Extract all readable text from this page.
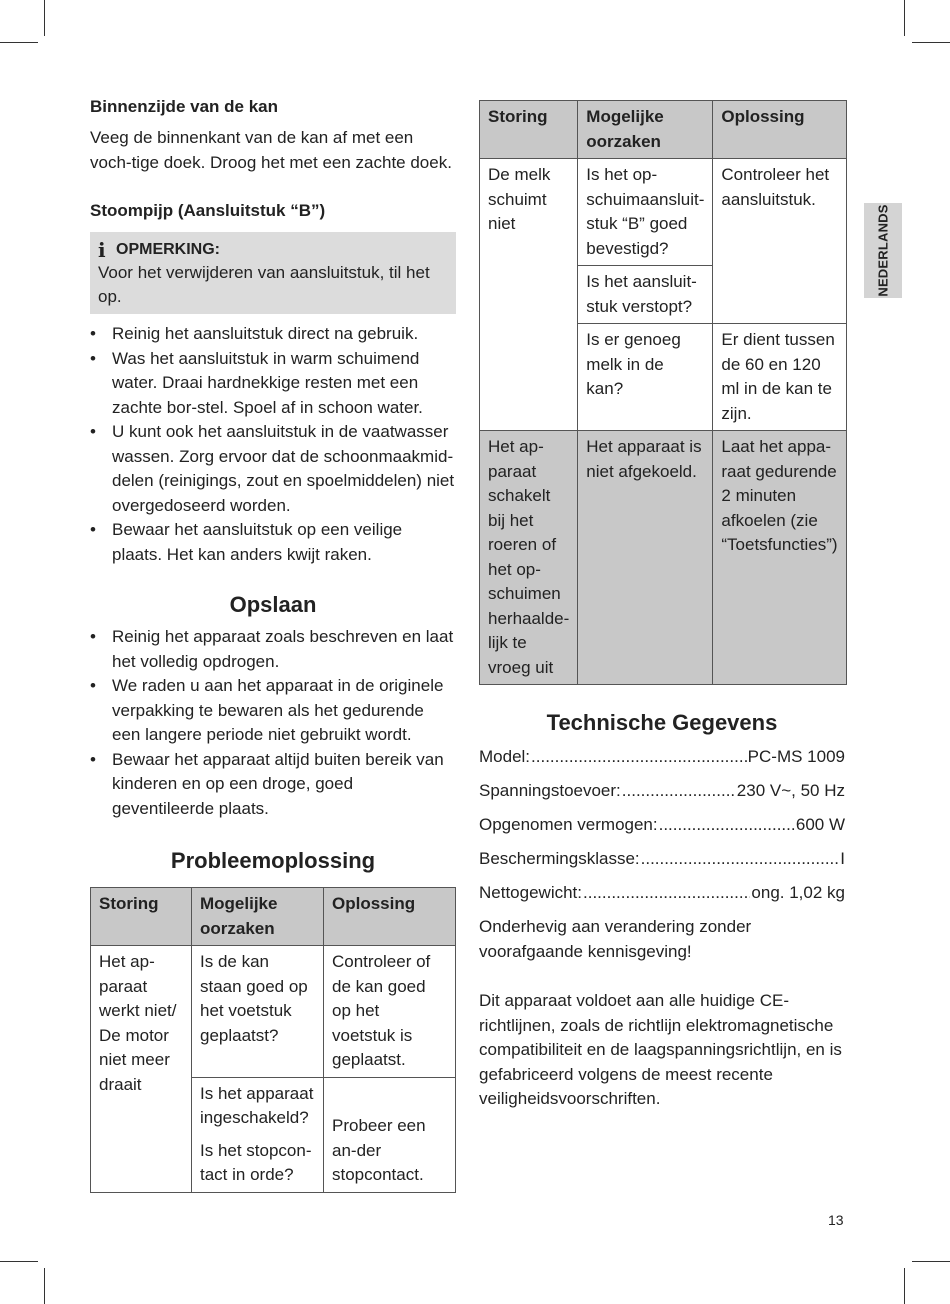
Binnenzijde van de kan

Veeg de binnenkant van de kan af met een voch-tige doek. Droog het met een zachte doek.

Stoompijp (Aansluitstuk “B”)
i OPMERKING:
Voor het verwijderen van aansluitstuk, til het op.
• Reinig het aansluitstuk direct na gebruik.
• Was het aansluitstuk in warm schuimend water. Draai hardnekkige resten met een zachte bor-stel. Spoel af in schoon water.
• U kunt ook het aansluitstuk in de vaatwasser wassen. Zorg ervoor dat de schoonmaakmid-delen (reinigings, zout en spoelmiddelen) niet overgedoseerd worden.
• Bewaar het aansluitstuk op een veilige plaats. Het kan anders kwijt raken.
Opslaan
• Reinig het apparaat zoals beschreven en laat het volledig opdrogen.
• We raden u aan het apparaat in de originele verpakking te bewaren als het gedurende een langere periode niet gebruikt wordt.
• Bewaar het apparaat altijd buiten bereik van kinderen en op een droge, goed geventileerde plaats.
Probleemoplossing
Storing	Mogelijke oorzaken	Oplossing
Het ap-paraat werkt niet/ De motor niet meer draait	Is de kan staan goed op het voetstuk geplaatst?	Controleer of de kan goed op het voetstuk is geplaatst.
	Is het apparaat ingeschakeld?	Probeer een an-der stopcontact.
	Is het stopcon-tact in orde?	
Storing	Mogelijke oorzaken	Oplossing
De melk schuimt niet	Is het op-schuimaansluit-stuk “B” goed bevestigd?	Controleer het aansluitstuk.
	Is het aansluit-stuk verstopt?	
	Is er genoeg melk in de kan?	Er dient tussen de 60 en 120 ml in de kan te zijn.
Het ap-paraat schakelt bij het roeren of het op-schuimen herhaalde-lijk te vroeg uit	Het apparaat is niet afgekoeld.	Laat het appa-raat gedurende 2 minuten afkoelen (zie “Toetsfuncties”)
Technische Gegevens
Model: .....	PC-MS 1009
Spanningstoevoer: .....	230 V~, 50 Hz
Opgenomen vermogen: .....	600 W
Beschermingsklasse: .....	I
Nettogewicht: .....	ong. 1,02 kg

Onderhevig aan verandering zonder voorafgaande kennisgeving!

Dit apparaat voldoet aan alle huidige CE-richtlijnen, zoals de richtlijn elektromagnetische compatibiliteit en de laagspanningsrichtlijn, en is gefabriceerd volgens de meest recente veiligheidsvoorschriften.

NEDERLANDS
13
